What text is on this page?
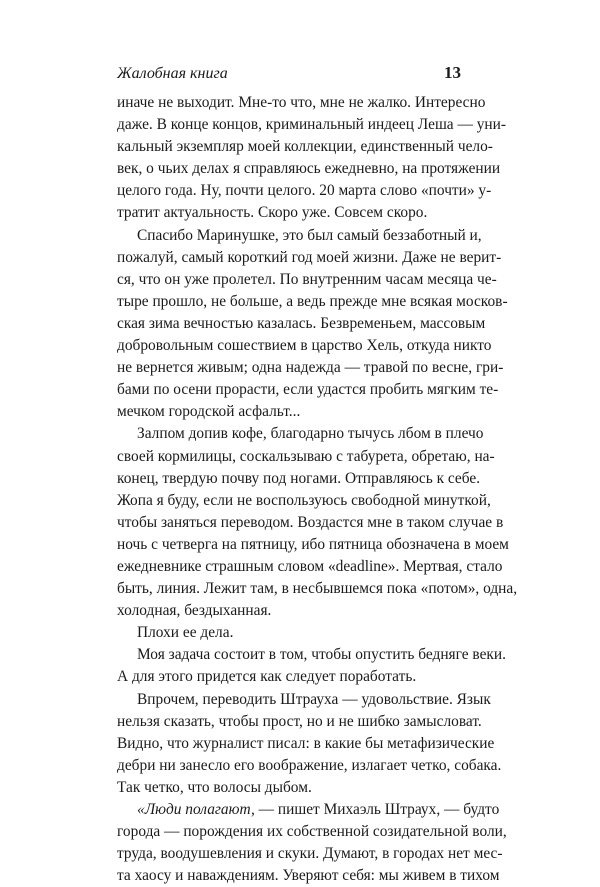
Жалобная книга	13

иначе не выходит. Мне-то что, мне не жалко. Интересно
даже. В конце концов, криминальный индеец Леша — уни-
кальный экземпляр моей коллекции, единственный чело-
век, о чьих делах я справляюсь ежедневно, на протяжении
целого года. Ну, почти целого. 20 марта слово «почти» у-
тратит актуальность. Скоро уже. Совсем скоро.

Спасибо Маринушке, это был самый беззаботный и,
пожалуй, самый короткий год моей жизни. Даже не верит-
ся, что он уже пролетел. По внутренним часам месяца че-
тыре прошло, не больше, а ведь прежде мне всякая москов-
ская зима вечностью казалась. Безвременьем, массовым
добровольным сошествием в царство Хель, откуда никто
не вернется живым; одна надежда — травой по весне, гри-
бами по осени прорасти, если удастся пробить мягким те-
мечком городской асфальт...

Залпом допив кофе, благодарно тычусь лбом в плечо
своей кормилицы, соскальзываю с табурета, обретаю, на-
конец, твердую почву под ногами. Отправляюсь к себе.
Жопа я буду, если не воспользуюсь свободной минуткой,
чтобы заняться переводом. Воздастся мне в таком случае в
ночь с четверга на пятницу, ибо пятница обозначена в моем
ежедневнике страшным словом «deadline». Мертвая, стало
быть, линия. Лежит там, в несбывшемся пока «потом», одна,
холодная, бездыханная.

Плохи ее дела.

Моя задача состоит в том, чтобы опустить бедняге веки.
А для этого придется как следует поработать.

Впрочем, переводить Штрауха — удовольствие. Язык
нельзя сказать, чтобы прост, но и не шибко замысловат.
Видно, что журналист писал: в какие бы метафизические
дебри ни занесло его воображение, излагает четко, собака.
Так четко, что волосы дыбом.

«Люди полагают, — пишет Михаэль Штраух, — будто
города — порождения их собственной созидательной воли,
труда, воодушевления и скуки. Думают, в городах нет мес-
та хаосу и наваждениям. Уверяют себя: мы живем в тихом
